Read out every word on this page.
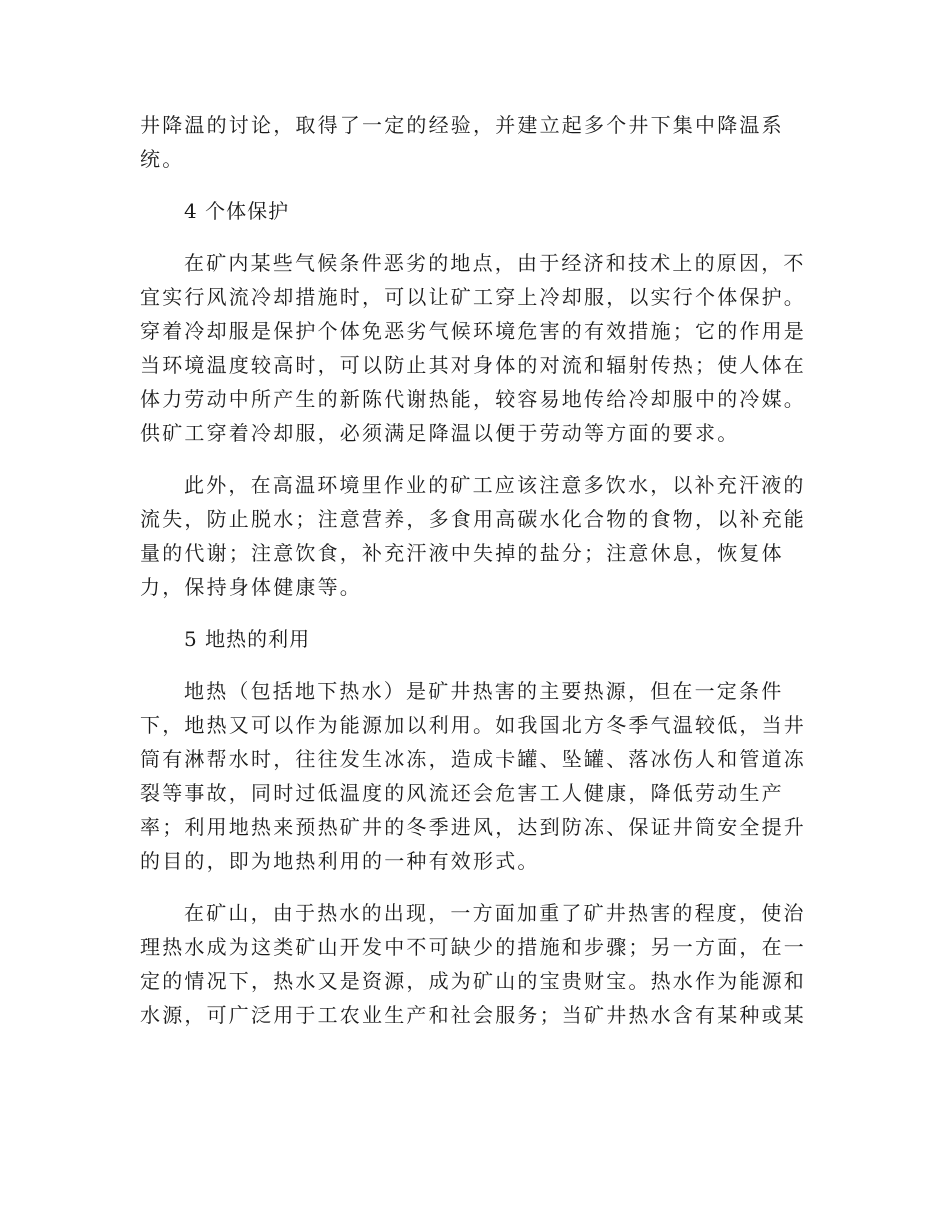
井降温的讨论，取得了一定的经验，并建立起多个井下集中降温系
统。
4 个体保护
在矿内某些气候条件恶劣的地点，由于经济和技术上的原因，不
宜实行风流冷却措施时，可以让矿工穿上冷却服，以实行个体保护。
穿着冷却服是保护个体免恶劣气候环境危害的有效措施；它的作用是
当环境温度较高时，可以防止其对身体的对流和辐射传热；使人体在
体力劳动中所产生的新陈代谢热能，较容易地传给冷却服中的冷媒。
供矿工穿着冷却服，必须满足降温以便于劳动等方面的要求。
此外，在高温环境里作业的矿工应该注意多饮水，以补充汗液的
流失，防止脱水；注意营养，多食用高碳水化合物的食物，以补充能
量的代谢；注意饮食，补充汗液中失掉的盐分；注意休息，恢复体
力，保持身体健康等。
5 地热的利用
地热（包括地下热水）是矿井热害的主要热源，但在一定条件
下，地热又可以作为能源加以利用。如我国北方冬季气温较低，当井
筒有淋帮水时，往往发生冰冻，造成卡罐、坠罐、落冰伤人和管道冻
裂等事故，同时过低温度的风流还会危害工人健康，降低劳动生产
率；利用地热来预热矿井的冬季进风，达到防冻、保证井筒安全提升
的目的，即为地热利用的一种有效形式。
在矿山，由于热水的出现，一方面加重了矿井热害的程度，使治
理热水成为这类矿山开发中不可缺少的措施和步骤；另一方面，在一
定的情况下，热水又是资源，成为矿山的宝贵财宝。热水作为能源和
水源，可广泛用于工农业生产和社会服务；当矿井热水含有某种或某
